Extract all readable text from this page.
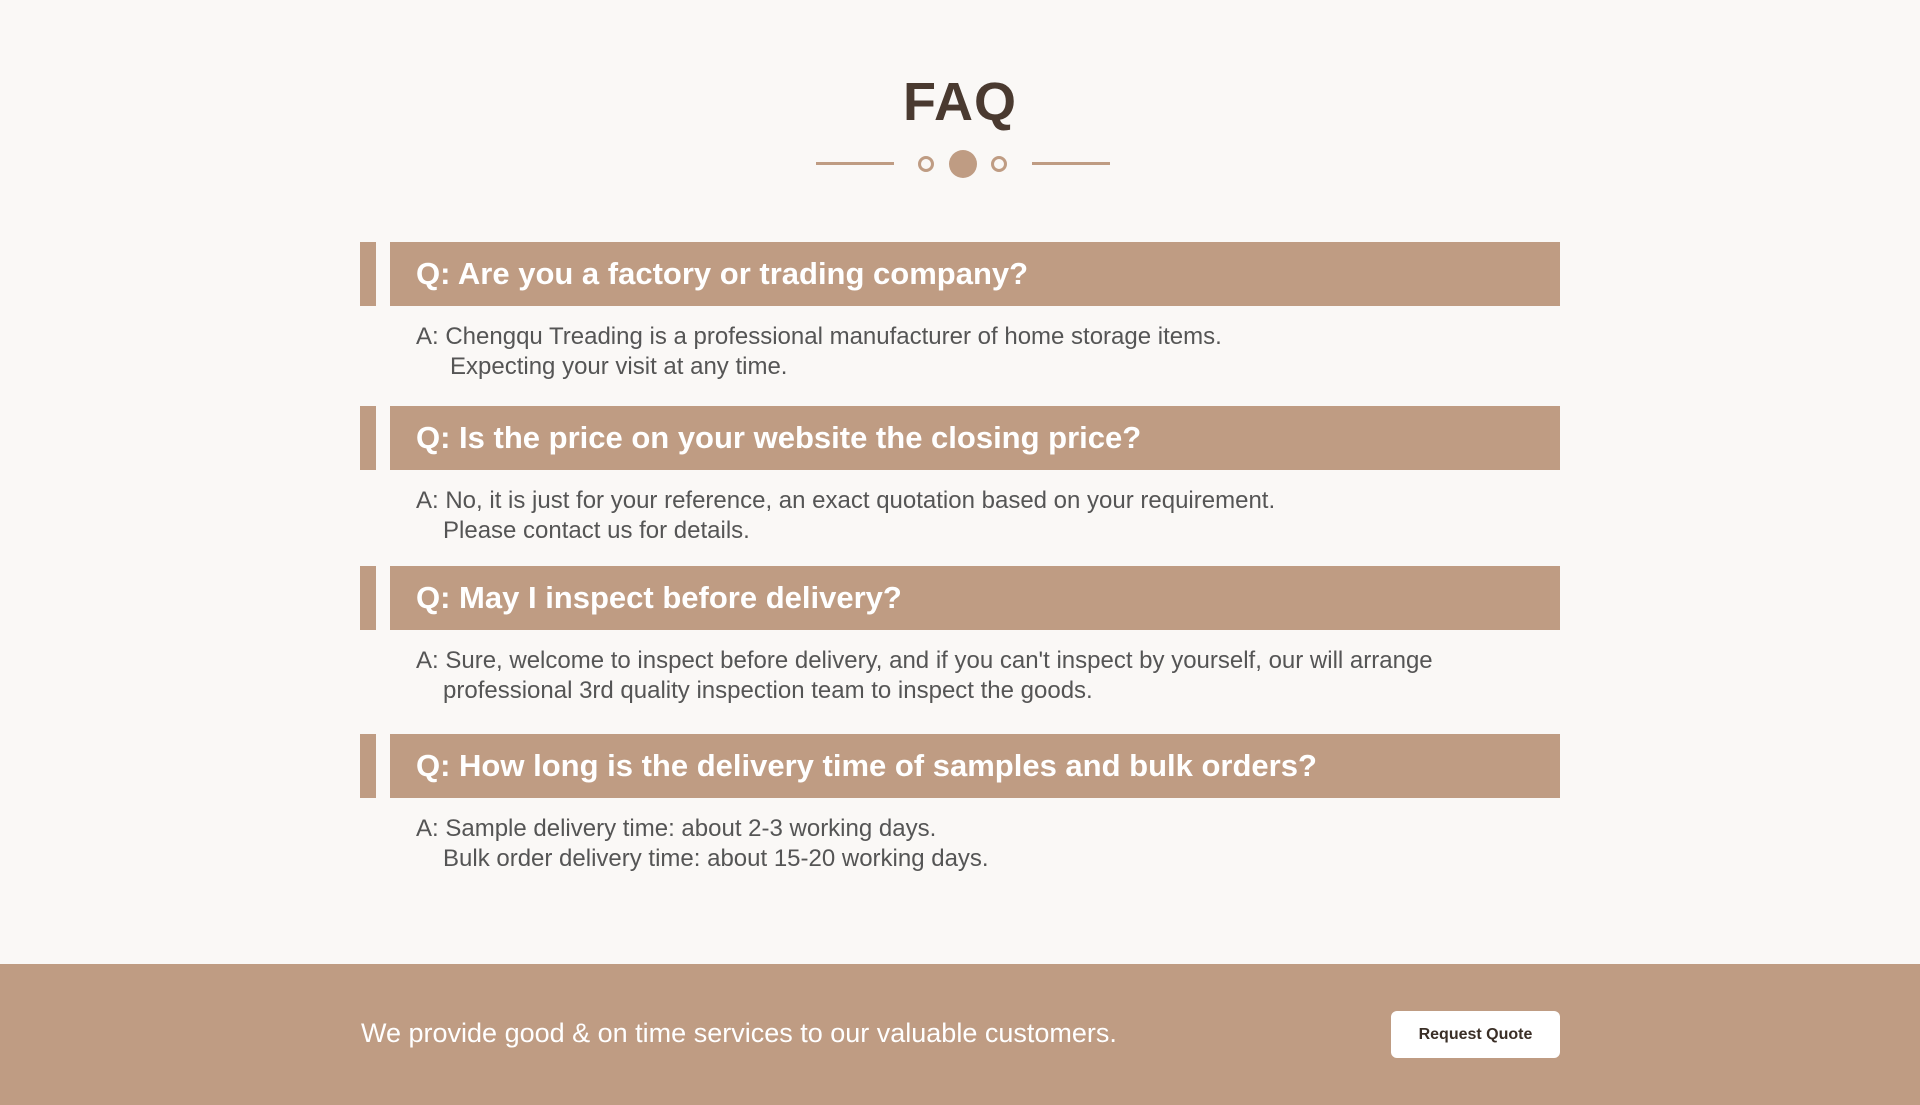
FAQ
Q: Are you a factory or trading company?
A: Chengqu Treading is a professional manufacturer of home storage items.
Expecting your visit at any time.
Q: Is the price on your website the closing price?
A: No, it is just for your reference, an exact quotation based on your requirement.
Please contact us for details.
Q: May I inspect before delivery?
A: Sure, welcome to inspect before delivery, and if you can't inspect by yourself, our will arrange
professional 3rd quality inspection team to inspect the goods.
Q: How long is the delivery time of samples and bulk orders?
A: Sample delivery time: about 2-3 working days.
Bulk order delivery time: about 15-20 working days.
We provide good & on time services to our valuable customers.	Request Quote
